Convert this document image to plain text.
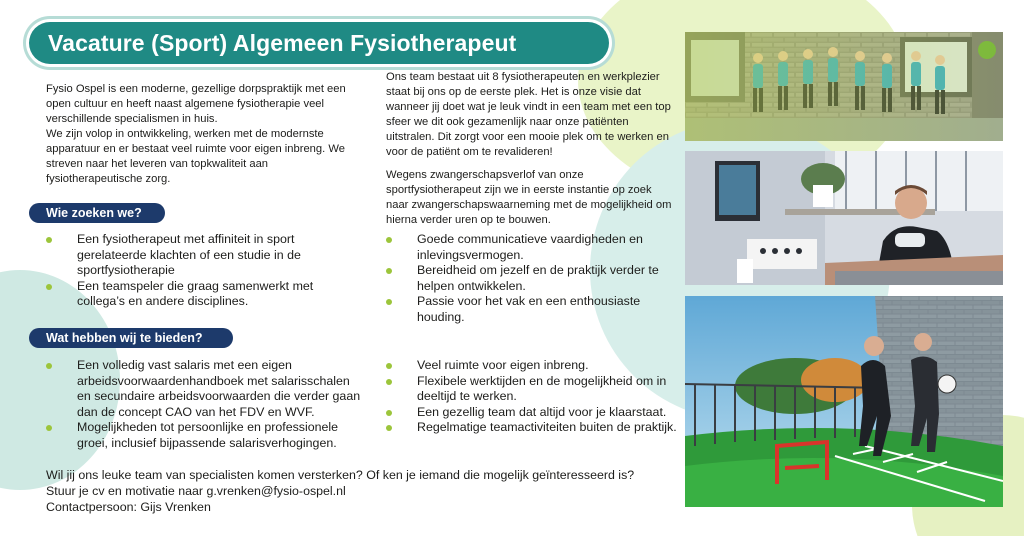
Vacature (Sport) Algemeen Fysiotherapeut

Fysio Ospel is een moderne, gezellige dorpspraktijk met een open cultuur en heeft naast algemene fysiotherapie veel verschillende specialismen in huis.

We zijn volop in ontwikkeling, werken met de modernste apparatuur en er bestaat veel ruimte voor eigen inbreng. We streven naar het leveren van topkwaliteit aan fysiotherapeutische zorg.

Ons team bestaat uit 8 fysiotherapeuten en werkplezier staat bij ons op de eerste plek. Het is onze visie dat wanneer jij doet wat je leuk vindt in een team met een top sfeer we dit ook gezamenlijk naar onze patiënten uitstralen. Dit zorgt voor een mooie plek om te werken en voor de patiënt om te revalideren!

Wegens zwangerschapsverlof van onze sportfysiotherapeut zijn we in eerste instantie op zoek naar zwangerschapswaarneming met de mogelijkheid om hierna verder uren op te bouwen.

Wie zoeken we?
Een fysiotherapeut met affiniteit in sport gerelateerde klachten of een studie in de sportfysiotherapie
Een teamspeler die graag samenwerkt met collega’s en andere disciplines.
Goede communicatieve vaardigheden en inlevingsvermogen.
Bereidheid om jezelf en de praktijk verder te helpen ontwikkelen.
Passie voor het vak en een enthousiaste houding.
Wat hebben wij te bieden?
Een volledig vast salaris met een eigen arbeidsvoorwaardenhandboek met salarisschalen en secundaire arbeidsvoorwaarden die verder gaan dan de concept CAO van het FDV en WVF.
Mogelijkheden tot persoonlijke en professionele groei, inclusief bijpassende salarisverhogingen.
Veel ruimte voor eigen inbreng.
Flexibele werktijden en de mogelijkheid om in deeltijd te werken.
Een gezellig team dat altijd voor je klaarstaat.
Regelmatige teamactiviteiten buiten de praktijk.
Wil jij ons leuke team van specialisten komen versterken? Of ken je iemand die mogelijk geïnteresseerd is?
Stuur je cv en motivatie naar g.vrenken@fysio-ospel.nl
Contactpersoon: Gijs Vrenken
